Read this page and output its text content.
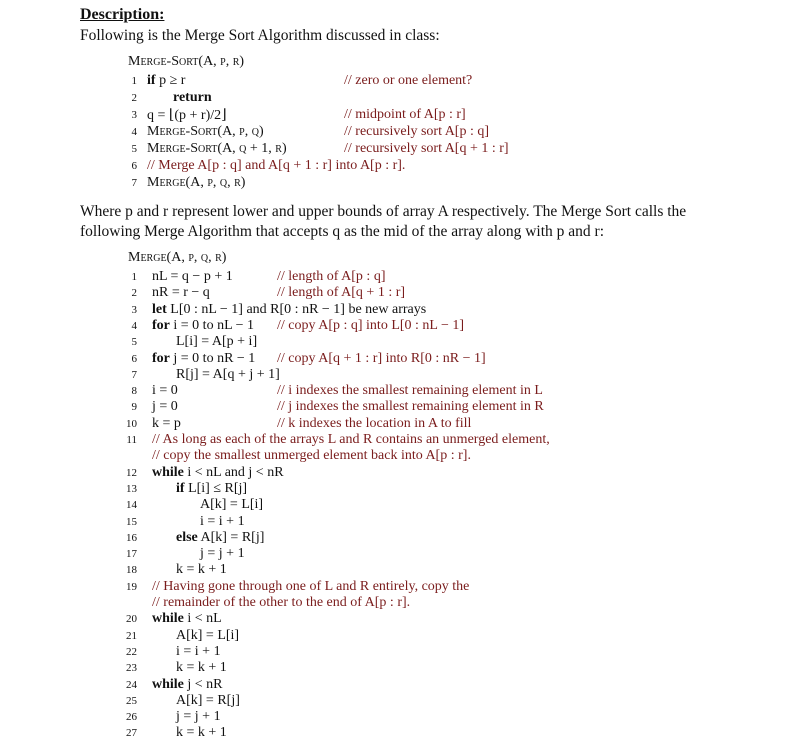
Description:
Following is the Merge Sort Algorithm discussed in class:
Merge-Sort(A, p, r)
1 if p ≥ r	// zero or one element?
2	return
3 q = ⌊(p + r)/2⌋	// midpoint of A[p : r]
4 Merge-Sort(A, p, q)	// recursively sort A[p : q]
5 Merge-Sort(A, q + 1, r)	// recursively sort A[q + 1 : r]
6 // Merge A[p : q] and A[q + 1 : r] into A[p : r].
7 Merge(A, p, q, r)
Where p and r represent lower and upper bounds of array A respectively. The Merge Sort calls the
following Merge Algorithm that accepts q as the mid of the array along with p and r:
Merge(A, p, q, r)
1 nL = q − p + 1	// length of A[p : q]
2 nR = r − q	// length of A[q + 1 : r]
3 let L[0 : nL − 1] and R[0 : nR − 1] be new arrays
4 for i = 0 to nL − 1 // copy A[p : q] into L[0 : nL − 1]
5	L[i] = A[p + i]
6 for j = 0 to nR − 1 // copy A[q + 1 : r] into R[0 : nR − 1]
7	R[j] = A[q + j + 1]
8 i = 0	// i indexes the smallest remaining element in L
9 j = 0	// j indexes the smallest remaining element in R
10 k = p	// k indexes the location in A to fill
11 // As long as each of the arrays L and R contains an unmerged element,
// copy the smallest unmerged element back into A[p : r].
12 while i < nL and j < nR
13	if L[i] ≤ R[j]
14	A[k] = L[i]
15	i = i + 1
16	else A[k] = R[j]
17	j = j + 1
18	k = k + 1
19 // Having gone through one of L and R entirely, copy the
// remainder of the other to the end of A[p : r].
20 while i < nL
21	A[k] = L[i]
22	i = i + 1
23	k = k + 1
24 while j < nR
25	A[k] = R[j]
26	j = j + 1
27	k = k + 1
